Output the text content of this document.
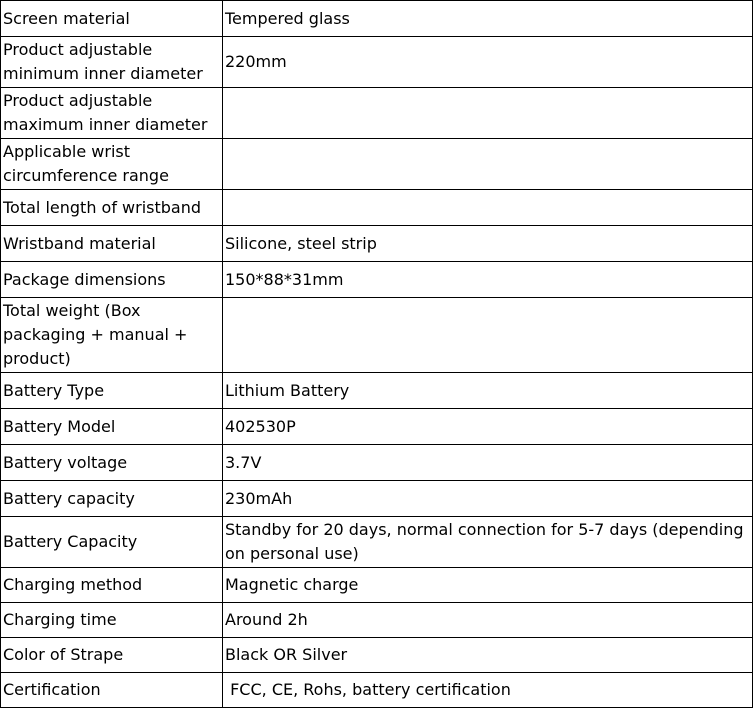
Screen material	Tempered glass
Product adjustable minimum inner diameter	220mm
Product adjustable maximum inner diameter	
Applicable wrist circumference range	
Total length of wristband	
Wristband material	Silicone, steel strip
Package dimensions	150*88*31mm
Total weight (Box packaging + manual + product)	
Battery Type	Lithium Battery
Battery Model	402530P
Battery voltage	3.7V
Battery capacity	230mAh
Battery Capacity	Standby for 20 days, normal connection for 5-7 days (depending on personal use)
Charging method	Magnetic charge
Charging time	Around 2h
Color of Strape	Black OR Silver
Certification	FCC, CE, Rohs, battery certification
